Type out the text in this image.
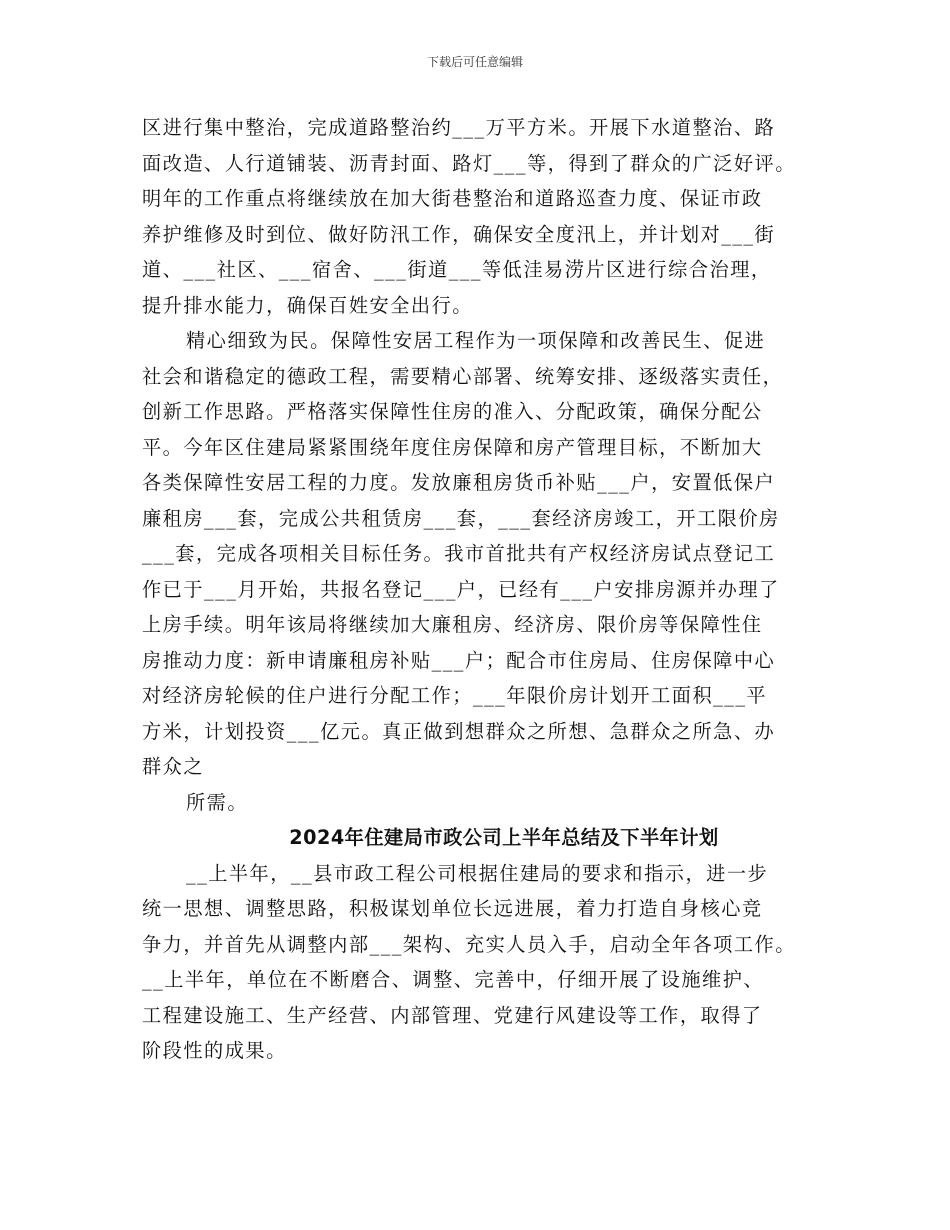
下载后可任意编辑
区进行集中整治，完成道路整治约___万平方米。开展下水道整治、路
面改造、人行道铺装、沥青封面、路灯___等，得到了群众的广泛好评。
明年的工作重点将继续放在加大街巷整治和道路巡查力度、保证市政
养护维修及时到位、做好防汛工作，确保安全度汛上，并计划对___街
道、___社区、___宿舍、___街道___等低洼易涝片区进行综合治理，
提升排水能力，确保百姓安全出行。
精心细致为民。保障性安居工程作为一项保障和改善民生、促进
社会和谐稳定的德政工程，需要精心部署、统筹安排、逐级落实责任，
创新工作思路。严格落实保障性住房的准入、分配政策，确保分配公
平。今年区住建局紧紧围绕年度住房保障和房产管理目标，不断加大
各类保障性安居工程的力度。发放廉租房货币补贴___户，安置低保户
廉租房___套，完成公共租赁房___套，___套经济房竣工，开工限价房
___套，完成各项相关目标任务。我市首批共有产权经济房试点登记工
作已于___月开始，共报名登记___户，已经有___户安排房源并办理了
上房手续。明年该局将继续加大廉租房、经济房、限价房等保障性住
房推动力度：新申请廉租房补贴___户；配合市住房局、住房保障中心
对经济房轮候的住户进行分配工作；___年限价房计划开工面积___平
方米，计划投资___亿元。真正做到想群众之所想、急群众之所急、办
群众之
所需。
2024年住建局市政公司上半年总结及下半年计划
__上半年，__县市政工程公司根据住建局的要求和指示，进一步
统一思想、调整思路，积极谋划单位长远进展，着力打造自身核心竞
争力，并首先从调整内部___架构、充实人员入手，启动全年各项工作。
__上半年，单位在不断磨合、调整、完善中，仔细开展了设施维护、
工程建设施工、生产经营、内部管理、党建行风建设等工作，取得了
阶段性的成果。
